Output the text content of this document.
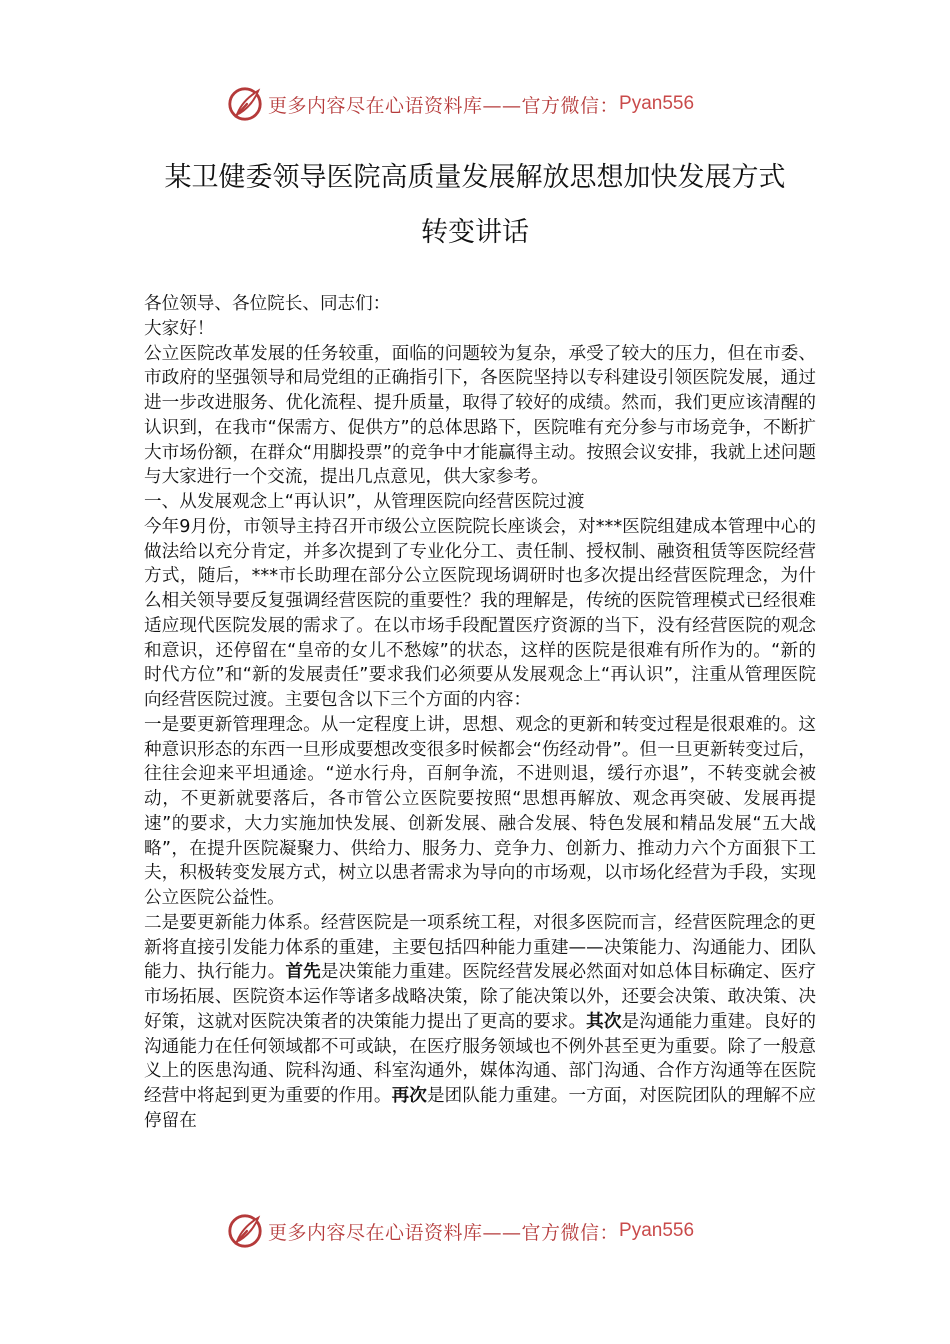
更多内容尽在心语资料库——官方微信： Pyan556
某卫健委领导医院高质量发展解放思想加快发展方式
转变讲话

各位领导、各位院长、同志们：

大家好！

公立医院改革发展的任务较重，面临的问题较为复杂，承受了较大的压力，但在市委、市政府的坚强领导和局党组的正确指引下，各医院坚持以专科建设引领医院发展，通过进一步改进服务、优化流程、提升质量，取得了较好的成绩。然而，我们更应该清醒的认识到，在我市“保需方、促供方”的总体思路下，医院唯有充分参与市场竞争，不断扩大市场份额，在群众“用脚投票”的竞争中才能赢得主动。按照会议安排，我就上述问题与大家进行一个交流，提出几点意见，供大家参考。

一、从发展观念上“再认识”，从管理医院向经营医院过渡

今年9月份，市领导主持召开市级公立医院院长座谈会，对***医院组建成本管理中心的做法给以充分肯定，并多次提到了专业化分工、责任制、授权制、融资租赁等医院经营方式，随后，***市长助理在部分公立医院现场调研时也多次提出经营医院理念，为什么相关领导要反复强调经营医院的重要性？我的理解是，传统的医院管理模式已经很难适应现代医院发展的需求了。在以市场手段配置医疗资源的当下，没有经营医院的观念和意识，还停留在“皇帝的女儿不愁嫁”的状态，这样的医院是很难有所作为的。“新的时代方位”和“新的发展责任”要求我们必须要从发展观念上“再认识”，注重从管理医院向经营医院过渡。主要包含以下三个方面的内容：

一是要更新管理理念。从一定程度上讲，思想、观念的更新和转变过程是很艰难的。这种意识形态的东西一旦形成要想改变很多时候都会“伤经动骨”。但一旦更新转变过后，往往会迎来平坦通途。“逆水行舟，百舸争流，不进则退，缓行亦退”，不转变就会被动，不更新就要落后，各市管公立医院要按照“思想再解放、观念再突破、发展再提速”的要求，大力实施加快发展、创新发展、融合发展、特色发展和精品发展“五大战略”，在提升医院凝聚力、供给力、服务力、竞争力、创新力、推动力六个方面狠下工夫，积极转变发展方式，树立以患者需求为导向的市场观，以市场化经营为手段，实现公立医院公益性。

二是要更新能力体系。经营医院是一项系统工程，对很多医院而言，经营医院理念的更新将直接引发能力体系的重建，主要包括四种能力重建——决策能力、沟通能力、团队能力、执行能力。首先是决策能力重建。医院经营发展必然面对如总体目标确定、医疗市场拓展、医院资本运作等诸多战略决策，除了能决策以外，还要会决策、敢决策、决好策，这就对医院决策者的决策能力提出了更高的要求。其次是沟通能力重建。良好的沟通能力在任何领域都不可或缺，在医疗服务领域也不例外甚至更为重要。除了一般意义上的医患沟通、院科沟通、科室沟通外，媒体沟通、部门沟通、合作方沟通等在医院经营中将起到更为重要的作用。再次是团队能力重建。一方面，对医院团队的理解不应停留在

更多内容尽在心语资料库——官方微信： Pyan556
